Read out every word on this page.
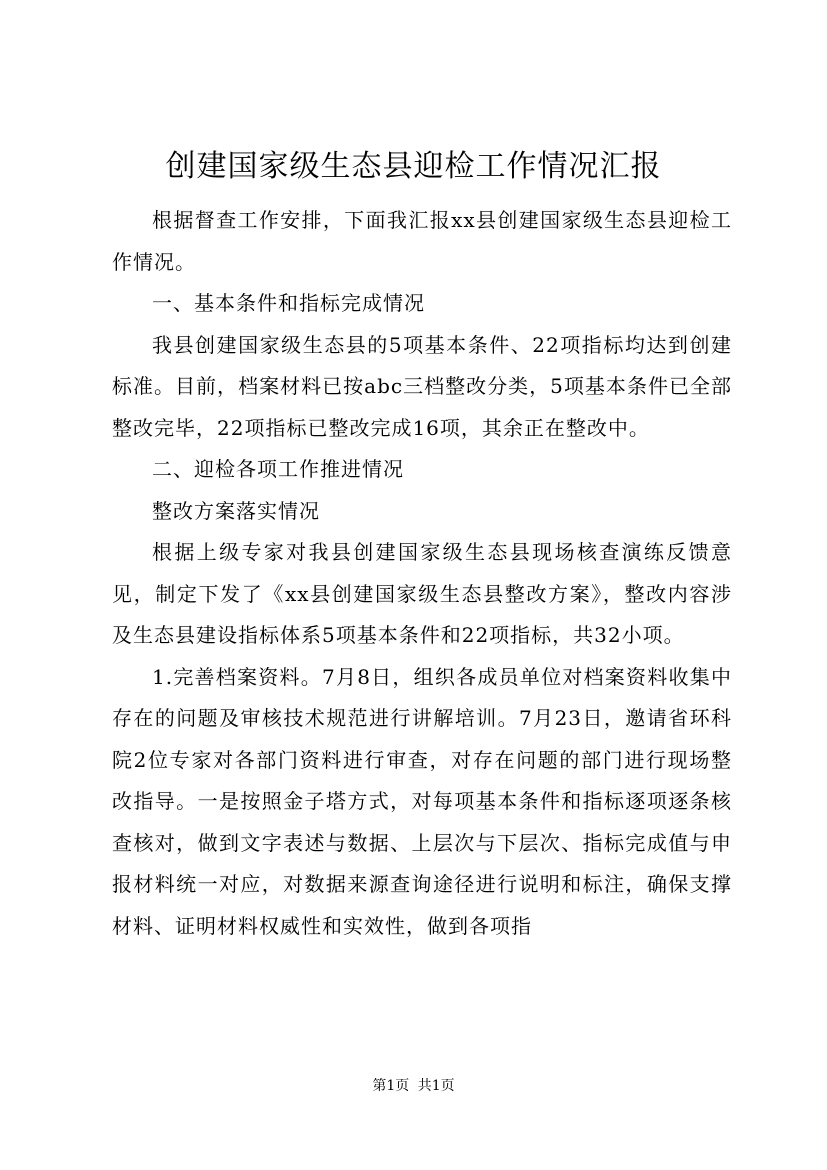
创建国家级生态县迎检工作情况汇报

根据督查工作安排，下面我汇报xx县创建国家级生态县迎检工作情况。

一、基本条件和指标完成情况

我县创建国家级生态县的5项基本条件、22项指标均达到创建标准。目前，档案材料已按abc三档整改分类，5项基本条件已全部整改完毕，22项指标已整改完成16项，其余正在整改中。

二、迎检各项工作推进情况

整改方案落实情况

根据上级专家对我县创建国家级生态县现场核查演练反馈意见，制定下发了《xx县创建国家级生态县整改方案》，整改内容涉及生态县建设指标体系5项基本条件和22项指标，共32小项。

1.完善档案资料。7月8日，组织各成员单位对档案资料收集中存在的问题及审核技术规范进行讲解培训。7月23日，邀请省环科院2位专家对各部门资料进行审查，对存在问题的部门进行现场整改指导。一是按照金子塔方式，对每项基本条件和指标逐项逐条核查核对，做到文字表述与数据、上层次与下层次、指标完成值与申报材料统一对应，对数据来源查询途径进行说明和标注，确保支撑材料、证明材料权威性和实效性，做到各项指

第1页 共1页
